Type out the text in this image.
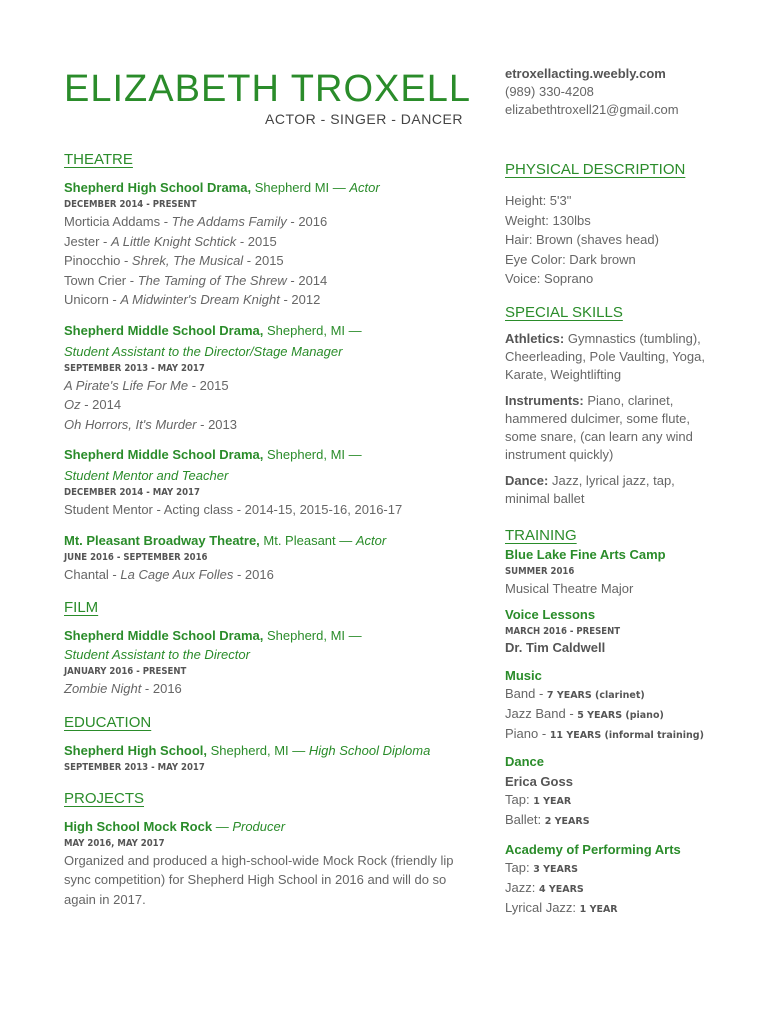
ELIZABETH TROXELL
ACTOR - SINGER - DANCER
etroxellacting.weebly.com
(989) 330-4208
elizabethtroxell21@gmail.com
THEATRE
Shepherd High School Drama, Shepherd MI — Actor
DECEMBER 2014 - PRESENT
Morticia Addams - The Addams Family - 2016
Jester - A Little Knight Schtick - 2015
Pinocchio - Shrek, The Musical - 2015
Town Crier - The Taming of The Shrew - 2014
Unicorn - A Midwinter's Dream Knight - 2012
Shepherd Middle School Drama, Shepherd, MI —
Student Assistant to the Director/Stage Manager
SEPTEMBER 2013 - MAY 2017
A Pirate's Life For Me - 2015
Oz - 2014
Oh Horrors, It's Murder - 2013
Shepherd Middle School Drama, Shepherd, MI —
Student Mentor and Teacher
DECEMBER 2014 - MAY 2017
Student Mentor - Acting class - 2014-15, 2015-16, 2016-17
Mt. Pleasant Broadway Theatre, Mt. Pleasant — Actor
JUNE 2016 - SEPTEMBER 2016
Chantal - La Cage Aux Folles - 2016
FILM
Shepherd Middle School Drama, Shepherd, MI —
Student Assistant to the Director
JANUARY 2016 - PRESENT
Zombie Night - 2016
EDUCATION
Shepherd High School, Shepherd, MI — High School Diploma
SEPTEMBER 2013 - MAY 2017
PROJECTS
High School Mock Rock — Producer
MAY 2016, MAY 2017
Organized and produced a high-school-wide Mock Rock (friendly lip sync competition) for Shepherd High School in 2016 and will do so again in 2017.
PHYSICAL DESCRIPTION
Height: 5'3"
Weight: 130lbs
Hair: Brown (shaves head)
Eye Color: Dark brown
Voice: Soprano
SPECIAL SKILLS
Athletics: Gymnastics (tumbling), Cheerleading, Pole Vaulting, Yoga, Karate, Weightlifting
Instruments: Piano, clarinet, hammered dulcimer, some flute, some snare, (can learn any wind instrument quickly)
Dance: Jazz, lyrical jazz, tap, minimal ballet
TRAINING
Blue Lake Fine Arts Camp
SUMMER 2016
Musical Theatre Major
Voice Lessons
MARCH 2016 - PRESENT
Dr. Tim Caldwell
Music
Band - 7 YEARS (clarinet)
Jazz Band - 5 YEARS (piano)
Piano - 11 YEARS (informal training)
Dance
Erica Goss
Tap: 1 YEAR
Ballet: 2 YEARS
Academy of Performing Arts
Tap: 3 YEARS
Jazz: 4 YEARS
Lyrical Jazz: 1 YEAR
